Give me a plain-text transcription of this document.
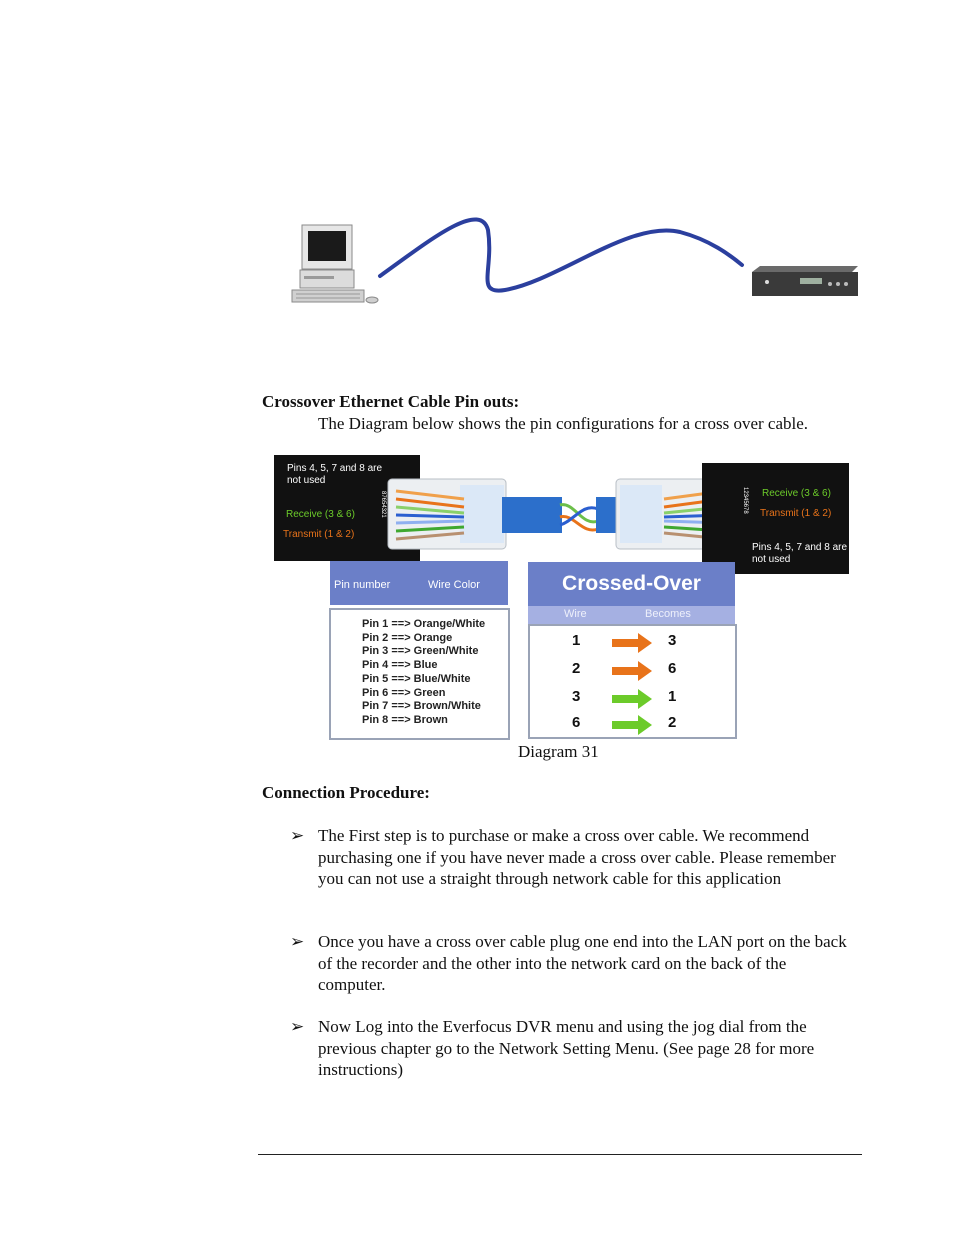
Crossover Ethernet Cable Pin outs:
The Diagram below shows the pin configurations for a cross over cable.
Pins 4, 5, 7 and 8 are not used
Receive (3 & 6)
Transmit (1 & 2)
87654321	Receive (3 & 6)
Transmit (1 & 2)
Pins 4, 5, 7 and 8 are not used
12345678
Pin number	Wire Color
Pin 1 ==> Orange/White
Pin 2 ==> Orange
Pin 3 ==> Green/White
Pin 4 ==> Blue
Pin 5 ==> Blue/White
Pin 6 ==> Green
Pin 7 ==> Brown/White
Pin 8 ==> Brown
Crossed-Over
Wire	Becomes
1	3
2	6
3	1
6	2
Diagram 31
Connection Procedure:
➢ The First step is to purchase or make a cross over cable. We recommend purchasing one if you have never made a cross over cable. Please remember you can not use a straight through network cable for this application
➢ Once you have a cross over cable plug one end into the LAN port on the back of the recorder and the other into the network card on the back of the computer.
➢ Now Log into the Everfocus DVR menu and using the jog dial from the previous chapter go to the Network Setting Menu. (See page 28 for more instructions)
